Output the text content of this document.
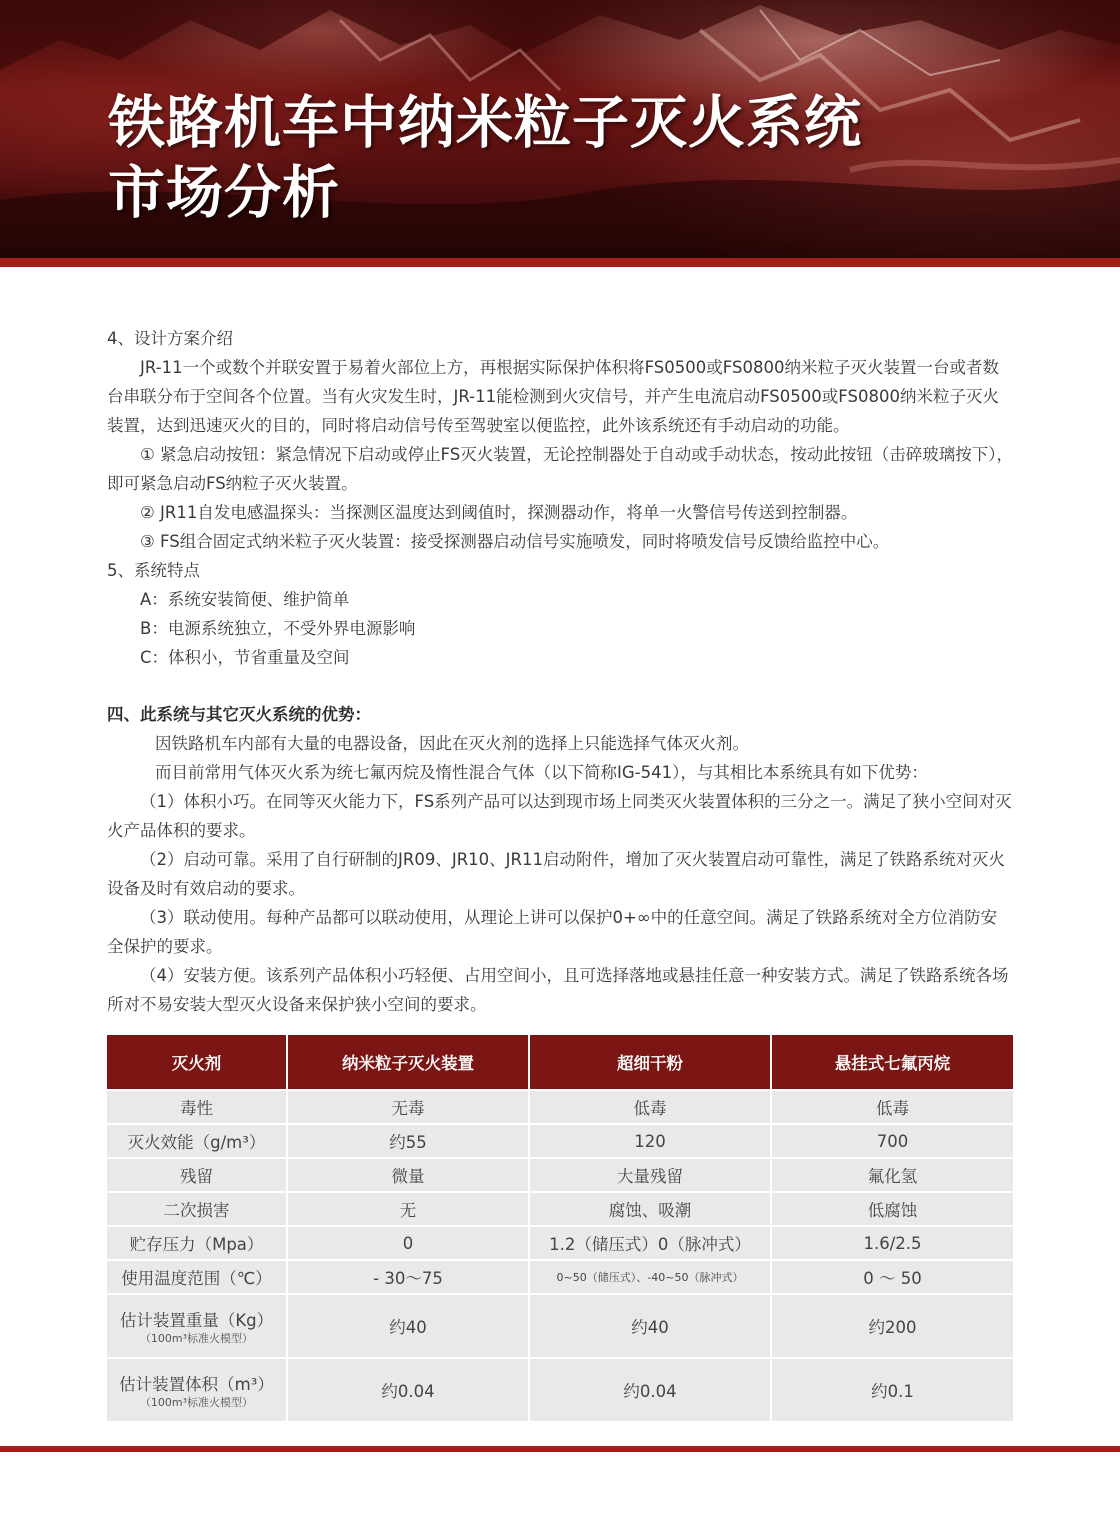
铁路机车中纳米粒子灭火系统
市场分析

4、设计方案介绍

JR-11一个或数个并联安置于易着火部位上方，再根据实际保护体积将FS0500或FS0800纳米粒子灭火装置一台或者数台串联分布于空间各个位置。当有火灾发生时，JR-11能检测到火灾信号，并产生电流启动FS0500或FS0800纳米粒子灭火装置，达到迅速灭火的目的，同时将启动信号传至驾驶室以便监控，此外该系统还有手动启动的功能。

① 紧急启动按钮：紧急情况下启动或停止FS灭火装置，无论控制器处于自动或手动状态，按动此按钮（击碎玻璃按下），即可紧急启动FS纳粒子灭火装置。

② JR11自发电感温探头：当探测区温度达到阈值时，探测器动作，将单一火警信号传送到控制器。

③ FS组合固定式纳米粒子灭火装置：接受探测器启动信号实施喷发，同时将喷发信号反馈给监控中心。

5、系统特点

A：系统安装简便、维护简单

B：电源系统独立，不受外界电源影响

C：体积小，节省重量及空间

四、此系统与其它灭火系统的优势：

因铁路机车内部有大量的电器设备，因此在灭火剂的选择上只能选择气体灭火剂。

而目前常用气体灭火系为统七氟丙烷及惰性混合气体（以下简称IG-541），与其相比本系统具有如下优势：

（1）体积小巧。在同等灭火能力下，FS系列产品可以达到现市场上同类灭火装置体积的三分之一。满足了狭小空间对灭火产品体积的要求。

（2）启动可靠。采用了自行研制的JR09、JR10、JR11启动附件，增加了灭火装置启动可靠性，满足了铁路系统对灭火设备及时有效启动的要求。

（3）联动使用。每种产品都可以联动使用，从理论上讲可以保护0+∞中的任意空间。满足了铁路系统对全方位消防安全保护的要求。

（4）安装方便。该系列产品体积小巧轻便、占用空间小，且可选择落地或悬挂任意一种安装方式。满足了铁路系统各场所对不易安装大型灭火设备来保护狭小空间的要求。

灭火剂	纳米粒子灭火装置	超细干粉	悬挂式七氟丙烷
毒性	无毒	低毒	低毒
灭火效能（g/m³）	约55	120	700
残留	微量	大量残留	氟化氢
二次损害	无	腐蚀、吸潮	低腐蚀
贮存压力（Mpa）	0	1.2（储压式）0（脉冲式）	1.6/2.5
使用温度范围（℃）	- 30～75	0~50（储压式）、-40~50（脉冲式）	0 ～ 50
估计装置重量（Kg）
（100m³标准火模型）	约40	约40	约200
估计装置体积（m³）
（100m³标准火模型）	约0.04	约0.04	约0.1
